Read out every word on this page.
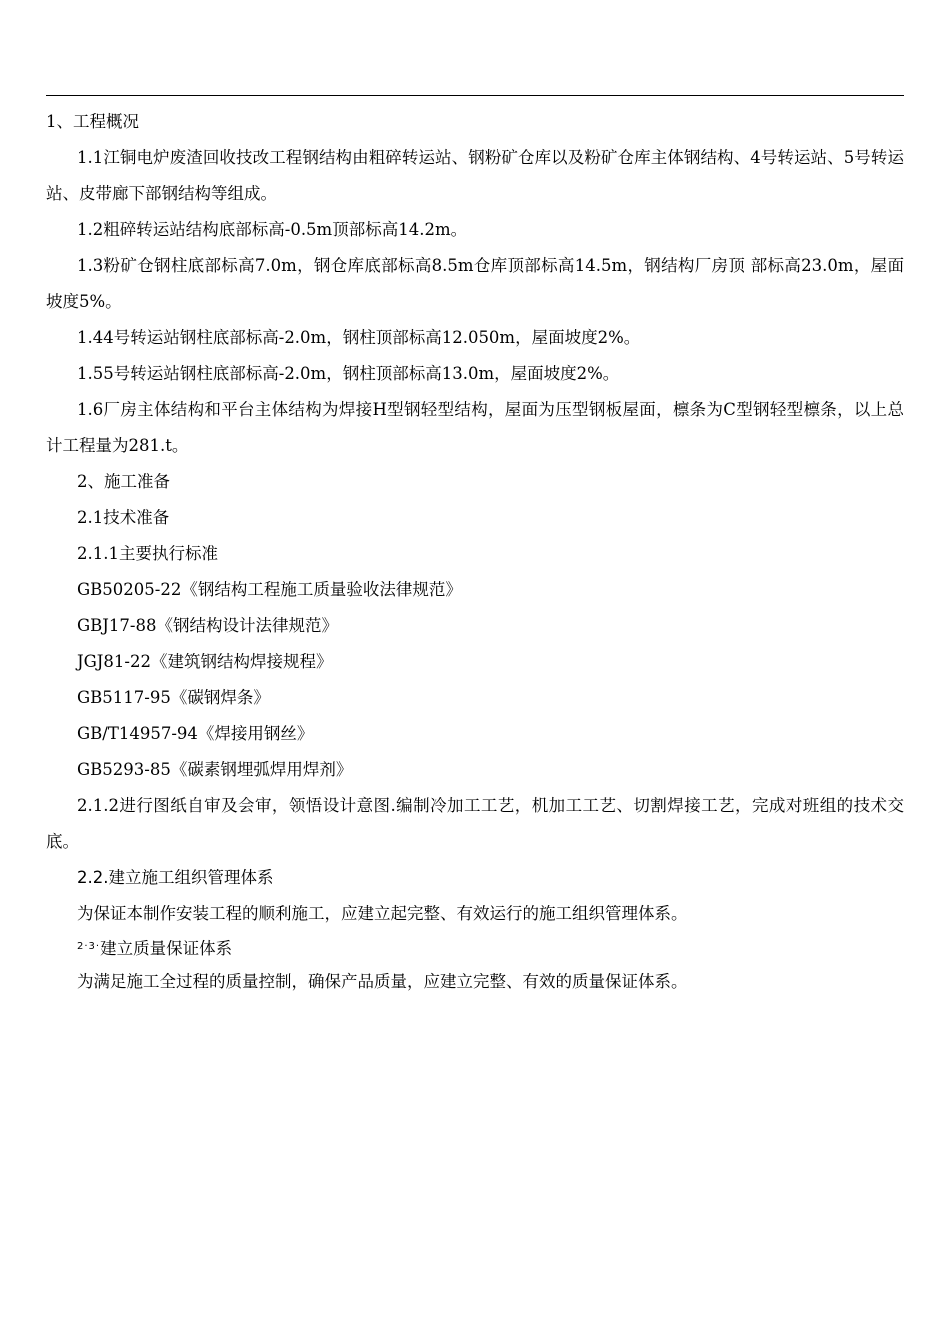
1、工程概况

1.1江铜电炉废渣回收技改工程钢结构由粗碎转运站、钢粉矿仓库以及粉矿仓库主体钢结构、4号转运站、5号转运站、皮带廊下部钢结构等组成。

1.2粗碎转运站结构底部标高-0.5m顶部标高14.2m。

1.3粉矿仓钢柱底部标高7.0m，钢仓库底部标高8.5m仓库顶部标高14.5m，钢结构厂房顶 部标高23.0m，屋面坡度5%。

1.44号转运站钢柱底部标高-2.0m，钢柱顶部标高12.050m，屋面坡度2%。

1.55号转运站钢柱底部标高-2.0m，钢柱顶部标高13.0m，屋面坡度2%。

1.6厂房主体结构和平台主体结构为焊接H型钢轻型结构，屋面为压型钢板屋面，檩条为C型钢轻型檩条，以上总计工程量为281.t。

2、施工准备

2.1技术准备

2.1.1主要执行标准

GB50205-22《钢结构工程施工质量验收法律规范》

GBJ17-88《钢结构设计法律规范》

JGJ81-22《建筑钢结构焊接规程》

GB5117-95《碳钢焊条》

GB/T14957-94《焊接用钢丝》

GB5293-85《碳素钢埋弧焊用焊剂》

2.1.2进行图纸自审及会审，领悟设计意图.编制冷加工工艺，机加工工艺、切割焊接工艺，完成对班组的技术交底。

2.2.建立施工组织管理体系

为保证本制作安装工程的顺利施工，应建立起完整、有效运行的施工组织管理体系。

$^{2\cdot 3\cdot}$建立质量保证体系

为满足施工全过程的质量控制，确保产品质量，应建立完整、有效的质量保证体系。
